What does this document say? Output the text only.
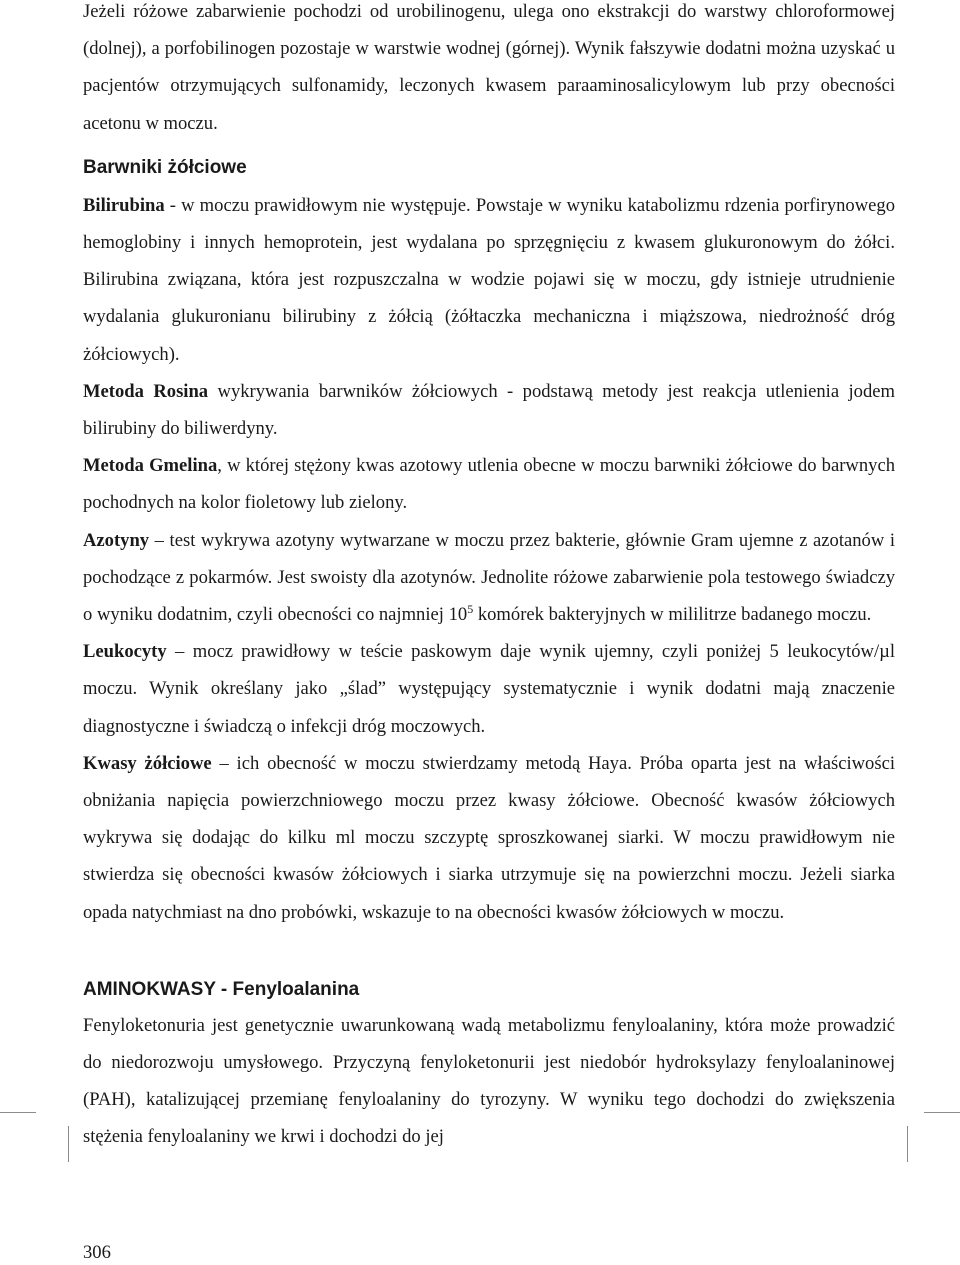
Jeżeli różowe zabarwienie pochodzi od urobilinogenu, ulega ono ekstrakcji do warstwy chloroformowej (dolnej), a porfobilinogen pozostaje w warstwie wodnej (górnej). Wynik fałszywie dodatni można uzyskać u pacjentów otrzymujących sulfonamidy, leczonych kwasem paraaminosalicylowym lub przy obecności acetonu w moczu.

Barwniki żółciowe

Bilirubina - w moczu prawidłowym nie występuje. Powstaje w wyniku katabolizmu rdzenia porfirynowego hemoglobiny i innych hemoprotein, jest wydalana po sprzęgnięciu z kwasem glukuronowym do żółci. Bilirubina związana, która jest rozpuszczalna w wodzie pojawi się w moczu, gdy istnieje utrudnienie wydalania glukuronianu bilirubiny z żółcią (żółtaczka mechaniczna i miąższowa, niedrożność dróg żółciowych).

Metoda Rosina wykrywania barwników żółciowych - podstawą metody jest reakcja utlenienia jodem bilirubiny do biliwerdyny.

Metoda Gmelina, w której stężony kwas azotowy utlenia obecne w moczu barwniki żółciowe do barwnych pochodnych na kolor fioletowy lub zielony.

Azotyny – test wykrywa azotyny wytwarzane w moczu przez bakterie, głównie Gram ujemne z azotanów i pochodzące z pokarmów. Jest swoisty dla azotynów. Jednolite różowe zabarwienie pola testowego świadczy o wyniku dodatnim, czyli obecności co najmniej $10^5$ komórek bakteryjnych w mililitrze badanego moczu.

Leukocyty – mocz prawidłowy w teście paskowym daje wynik ujemny, czyli poniżej 5 leukocytów/µl moczu. Wynik określany jako „ślad” występujący systematycznie i wynik dodatni mają znaczenie diagnostyczne i świadczą o infekcji dróg moczowych.

Kwasy żółciowe – ich obecność w moczu stwierdzamy metodą Haya. Próba oparta jest na właściwości obniżania napięcia powierzchniowego moczu przez kwasy żółciowe. Obecność kwasów żółciowych wykrywa się dodając do kilku ml moczu szczyptę sproszkowanej siarki. W moczu prawidłowym nie stwierdza się obecności kwasów żółciowych i siarka utrzymuje się na powierzchni moczu. Jeżeli siarka opada natychmiast na dno probówki, wskazuje to na obecności kwasów żółciowych w moczu.

AMINOKWASY - Fenyloalanina

Fenyloketonuria jest genetycznie uwarunkowaną wadą metabolizmu fenyloalaniny, która może prowadzić do niedorozwoju umysłowego. Przyczyną fenyloketonurii jest niedobór hydroksylazy fenyloalaninowej (PAH), katalizującej przemianę fenyloalaniny do tyrozyny. W wyniku tego dochodzi do zwiększenia stężenia fenyloalaniny we krwi i dochodzi do jej

306
